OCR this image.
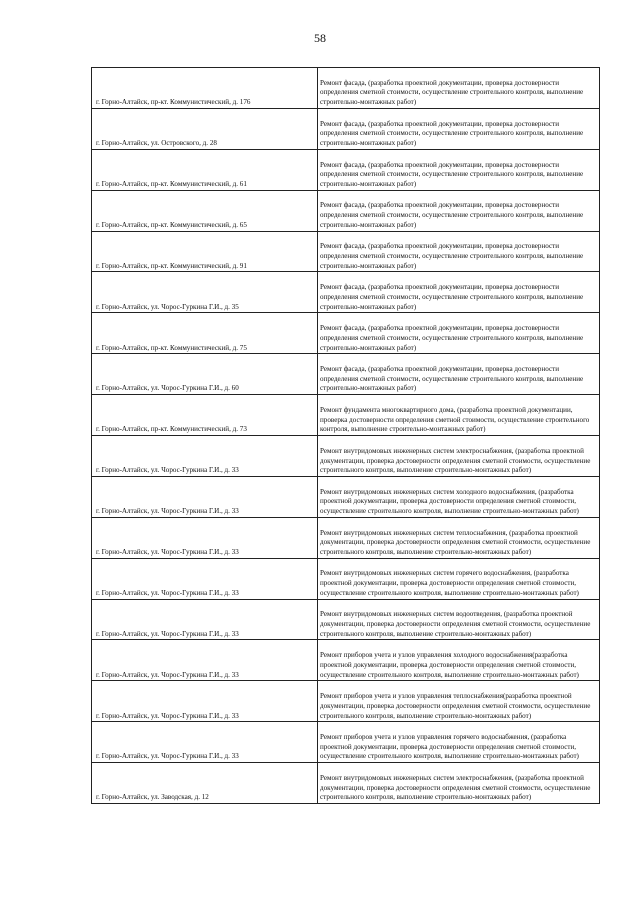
58
г. Горно-Алтайск, пр-кт. Коммунистический, д. 176	Ремонт фасада, (разработка проектной документации, проверка достоверности определения сметной стоимости, осуществление строительного контроля, выполнение строительно-монтажных работ)
г. Горно-Алтайск, ул. Островского, д. 28	Ремонт фасада, (разработка проектной документации, проверка достоверности определения сметной стоимости, осуществление строительного контроля, выполнение строительно-монтажных работ)
г. Горно-Алтайск, пр-кт. Коммунистический, д. 61	Ремонт фасада, (разработка проектной документации, проверка достоверности определения сметной стоимости, осуществление строительного контроля, выполнение строительно-монтажных работ)
г. Горно-Алтайск, пр-кт. Коммунистический, д. 65	Ремонт фасада, (разработка проектной документации, проверка достоверности определения сметной стоимости, осуществление строительного контроля, выполнение строительно-монтажных работ)
г. Горно-Алтайск, пр-кт. Коммунистический, д. 91	Ремонт фасада, (разработка проектной документации, проверка достоверности определения сметной стоимости, осуществление строительного контроля, выполнение строительно-монтажных работ)
г. Горно-Алтайск, ул. Чорос-Гуркина Г.И., д. 35	Ремонт фасада, (разработка проектной документации, проверка достоверности определения сметной стоимости, осуществление строительного контроля, выполнение строительно-монтажных работ)
г. Горно-Алтайск, пр-кт. Коммунистический, д. 75	Ремонт фасада, (разработка проектной документации, проверка достоверности определения сметной стоимости, осуществление строительного контроля, выполнение строительно-монтажных работ)
г. Горно-Алтайск, ул. Чорос-Гуркина Г.И., д. 60	Ремонт фасада, (разработка проектной документации, проверка достоверности определения сметной стоимости, осуществление строительного контроля, выполнение строительно-монтажных работ)
г. Горно-Алтайск, пр-кт. Коммунистический, д. 73	Ремонт фундамента многоквартирного дома, (разработка проектной документации, проверка достоверности определения сметной стоимости, осуществление строительного контроля, выполнение строительно-монтажных работ)
г. Горно-Алтайск, ул. Чорос-Гуркина Г.И., д. 33	Ремонт внутридомовых инженерных систем электроснабжения, (разработка проектной документации, проверка достоверности определения сметной стоимости, осуществление строительного контроля, выполнение строительно-монтажных работ)
г. Горно-Алтайск, ул. Чорос-Гуркина Г.И., д. 33	Ремонт внутридомовых инженерных систем холодного водоснабжения, (разработка проектной документации, проверка достоверности определения сметной стоимости, осуществление строительного контроля, выполнение строительно-монтажных работ)
г. Горно-Алтайск, ул. Чорос-Гуркина Г.И., д. 33	Ремонт внутридомовых инженерных систем теплоснабжения, (разработка проектной документации, проверка достоверности определения сметной стоимости, осуществление строительного контроля, выполнение строительно-монтажных работ)
г. Горно-Алтайск, ул. Чорос-Гуркина Г.И., д. 33	Ремонт внутридомовых инженерных систем горячего водоснабжения, (разработка проектной документации, проверка достоверности определения сметной стоимости, осуществление строительного контроля, выполнение строительно-монтажных работ)
г. Горно-Алтайск, ул. Чорос-Гуркина Г.И., д. 33	Ремонт внутридомовых инженерных систем водоотведения, (разработка проектной документации, проверка достоверности определения сметной стоимости, осуществление строительного контроля, выполнение строительно-монтажных работ)
г. Горно-Алтайск, ул. Чорос-Гуркина Г.И., д. 33	Ремонт приборов учета и узлов управления холодного водоснабжения(разработка проектной документации, проверка достоверности определения сметной стоимости, осуществление строительного контроля, выполнение строительно-монтажных работ)
г. Горно-Алтайск, ул. Чорос-Гуркина Г.И., д. 33	Ремонт приборов учета и узлов управления теплоснабжения(разработка проектной документации, проверка достоверности определения сметной стоимости, осуществление строительного контроля, выполнение строительно-монтажных работ)
г. Горно-Алтайск, ул. Чорос-Гуркина Г.И., д. 33	Ремонт приборов учета и узлов управления горячего водоснабжения, (разработка проектной документации, проверка достоверности определения сметной стоимости, осуществление строительного контроля, выполнение строительно-монтажных работ)
г. Горно-Алтайск, ул. Заводская, д. 12	Ремонт внутридомовых инженерных систем электроснабжения, (разработка проектной документации, проверка достоверности определения сметной стоимости, осуществление строительного контроля, выполнение строительно-монтажных работ)
